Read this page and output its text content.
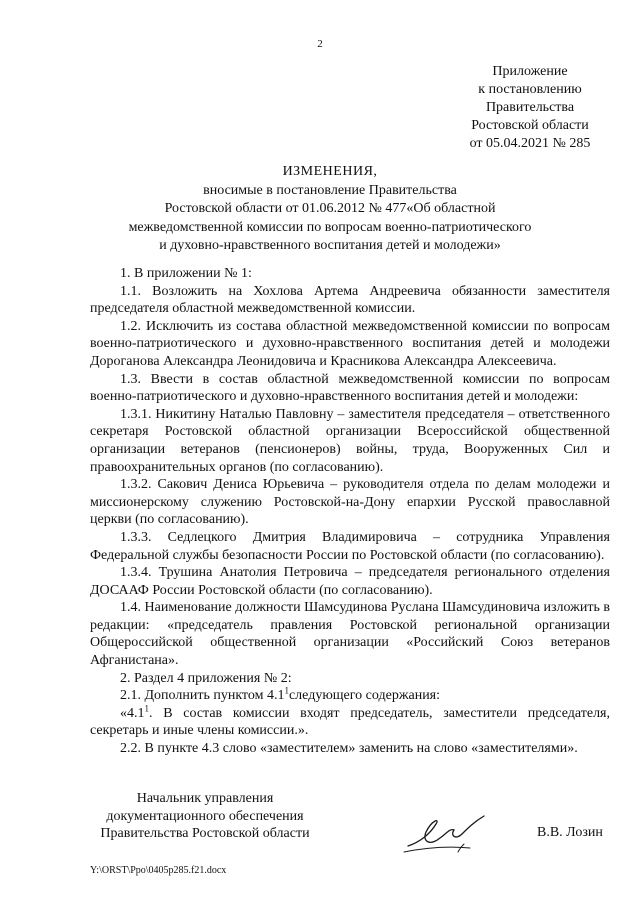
2
Приложение
к постановлению
Правительства
Ростовской области
от 05.04.2021 № 285
ИЗМЕНЕНИЯ,
вносимые в постановление Правительства
Ростовской области от 01.06.2012 № 477«Об областной
межведомственной комиссии по вопросам военно-патриотического
и духовно-нравственного воспитания детей и молодежи»

1. В приложении № 1:

1.1. Возложить на Хохлова Артема Андреевича обязанности заместителя председателя областной межведомственной комиссии.

1.2. Исключить из состава областной межведомственной комиссии по вопросам военно-патриотического и духовно-нравственного воспитания детей и молодежи Дороганова Александра Леонидовича и Красникова Александра Алексеевича.

1.3. Ввести в состав областной межведомственной комиссии по вопросам военно-патриотического и духовно-нравственного воспитания детей и молодежи:

1.3.1. Никитину Наталью Павловну – заместителя председателя – ответственного секретаря Ростовской областной организации Всероссийской общественной организации ветеранов (пенсионеров) войны, труда, Вооруженных Сил и правоохранительных органов (по согласованию).

1.3.2. Сакович Дениса Юрьевича – руководителя отдела по делам молодежи и миссионерскому служению Ростовской-на-Дону епархии Русской православной церкви (по согласованию).

1.3.3. Седлецкого Дмитрия Владимировича – сотрудника Управления Федеральной службы безопасности России по Ростовской области (по согласованию).

1.3.4. Трушина Анатолия Петровича – председателя регионального отделения ДОСААФ России Ростовской области (по согласованию).

1.4. Наименование должности Шамсудинова Руслана Шамсудиновича изложить в редакции: «председатель правления Ростовской региональной организации Общероссийской общественной организации «Российский Союз ветеранов Афганистана».

2. Раздел 4 приложения № 2:

2.1. Дополнить пунктом $4.1^1следующего$ содержания:

«$4.1^1$. В состав комиссии входят председатель, заместители председателя, секретарь и иные члены комиссии.».

2.2. В пункте 4.3 слово «заместителем» заменить на слово «заместителями».

Начальник управления
документационного обеспечения
Правительства Ростовской области	В.В. Лозин
Y:\ORST\Ppo\0405p285.f21.docx
